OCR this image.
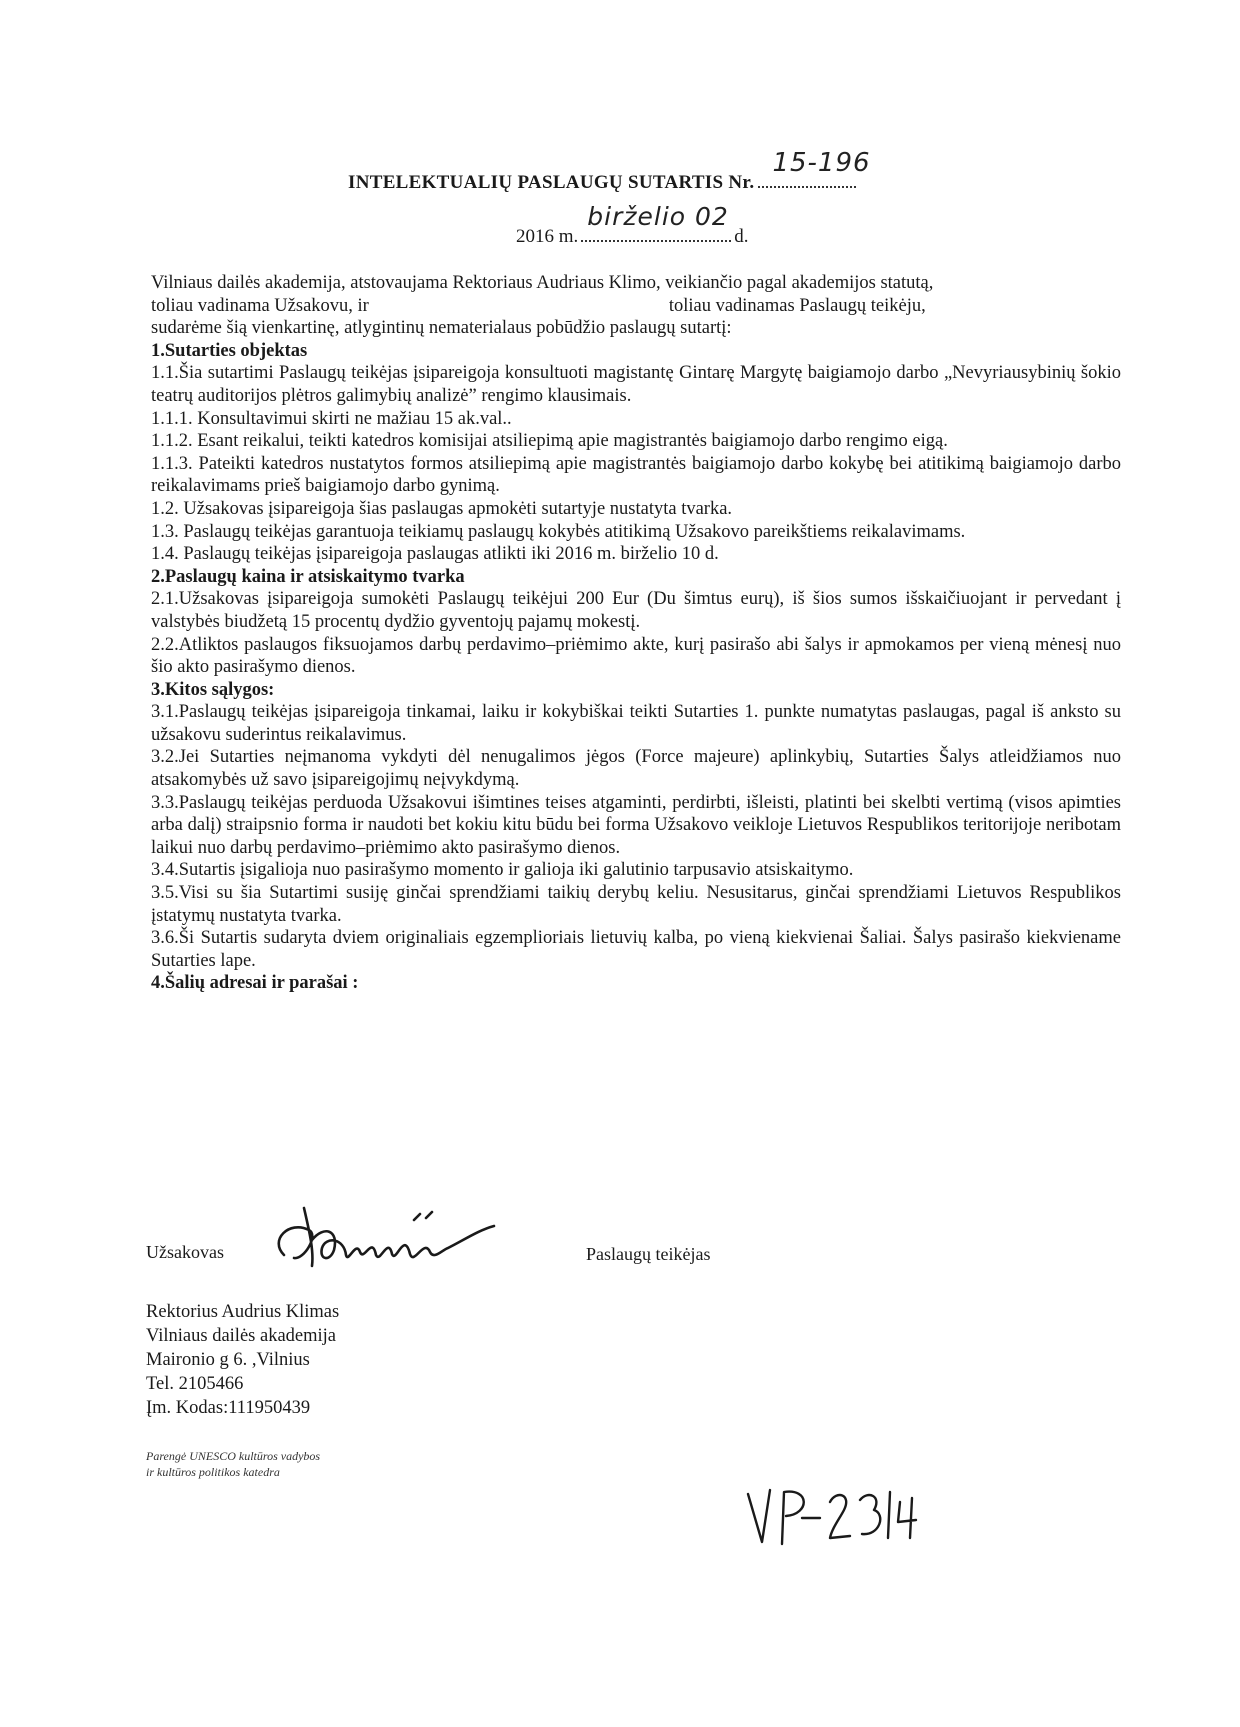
INTELEKTUALIŲ PASLAUGŲ SUTARTIS Nr.
15-196
2016 m.
birželio 02
d.

Vilniaus dailės akademija, atstovaujama Rektoriaus Audriaus Klimo, veikiančio pagal akademijos statutą,

toliau vadinama Užsakovu, ir	toliau vadinamas Paslaugų teikėju,

sudarėme šią vienkartinę, atlygintinų nematerialaus pobūdžio paslaugų sutartį:

1.Sutarties objektas

1.1.Šia sutartimi Paslaugų teikėjas įsipareigoja konsultuoti magistantę Gintarę Margytę baigiamojo darbo „Nevyriausybinių šokio teatrų auditorijos plėtros galimybių analizė” rengimo klausimais.

1.1.1. Konsultavimui skirti ne mažiau 15 ak.val..

1.1.2. Esant reikalui, teikti katedros komisijai atsiliepimą apie magistrantės baigiamojo darbo rengimo eigą.

1.1.3. Pateikti katedros nustatytos formos atsiliepimą apie magistrantės baigiamojo darbo kokybę bei atitikimą baigiamojo darbo reikalavimams prieš baigiamojo darbo gynimą.

1.2. Užsakovas įsipareigoja šias paslaugas apmokėti sutartyje nustatyta tvarka.

1.3. Paslaugų teikėjas garantuoja teikiamų paslaugų kokybės atitikimą Užsakovo pareikštiems reikalavimams.

1.4. Paslaugų teikėjas įsipareigoja paslaugas atlikti iki 2016 m. birželio 10 d.

2.Paslaugų kaina ir atsiskaitymo tvarka

2.1.Užsakovas įsipareigoja sumokėti Paslaugų teikėjui 200 Eur (Du šimtus eurų), iš šios sumos išskaičiuojant ir pervedant į valstybės biudžetą 15 procentų dydžio gyventojų pajamų mokestį.

2.2.Atliktos paslaugos fiksuojamos darbų perdavimo–priėmimo akte, kurį pasirašo abi šalys ir apmokamos per vieną mėnesį nuo šio akto pasirašymo dienos.

3.Kitos sąlygos:

3.1.Paslaugų teikėjas įsipareigoja tinkamai, laiku ir kokybiškai teikti Sutarties 1. punkte numatytas paslaugas, pagal iš anksto su užsakovu suderintus reikalavimus.

3.2.Jei Sutarties neįmanoma vykdyti dėl nenugalimos jėgos (Force majeure) aplinkybių, Sutarties Šalys atleidžiamos nuo atsakomybės už savo įsipareigojimų neįvykdymą.

3.3.Paslaugų teikėjas perduoda Užsakovui išimtines teises atgaminti, perdirbti, išleisti, platinti bei skelbti vertimą (visos apimties arba dalį) straipsnio forma ir naudoti bet kokiu kitu būdu bei forma Užsakovo veikloje Lietuvos Respublikos teritorijoje neribotam laikui nuo darbų perdavimo–priėmimo akto pasirašymo dienos.

3.4.Sutartis įsigalioja nuo pasirašymo momento ir galioja iki galutinio tarpusavio atsiskaitymo.

3.5.Visi su šia Sutartimi susiję ginčai sprendžiami taikių derybų keliu. Nesusitarus, ginčai sprendžiami Lietuvos Respublikos įstatymų nustatyta tvarka.

3.6.Ši Sutartis sudaryta dviem originaliais egzemplioriais lietuvių kalba, po vieną kiekvienai Šaliai. Šalys pasirašo kiekviename Sutarties lape.

4.Šalių adresai ir parašai :

Užsakovas	Paslaugų teikėjas
Rektorius Audrius Klimas
Vilniaus dailės akademija
Maironio g 6. ,Vilnius
Tel. 2105466
Įm. Kodas:111950439
Parengė UNESCO kultūros vadybos
ir kultūros politikos katedra
